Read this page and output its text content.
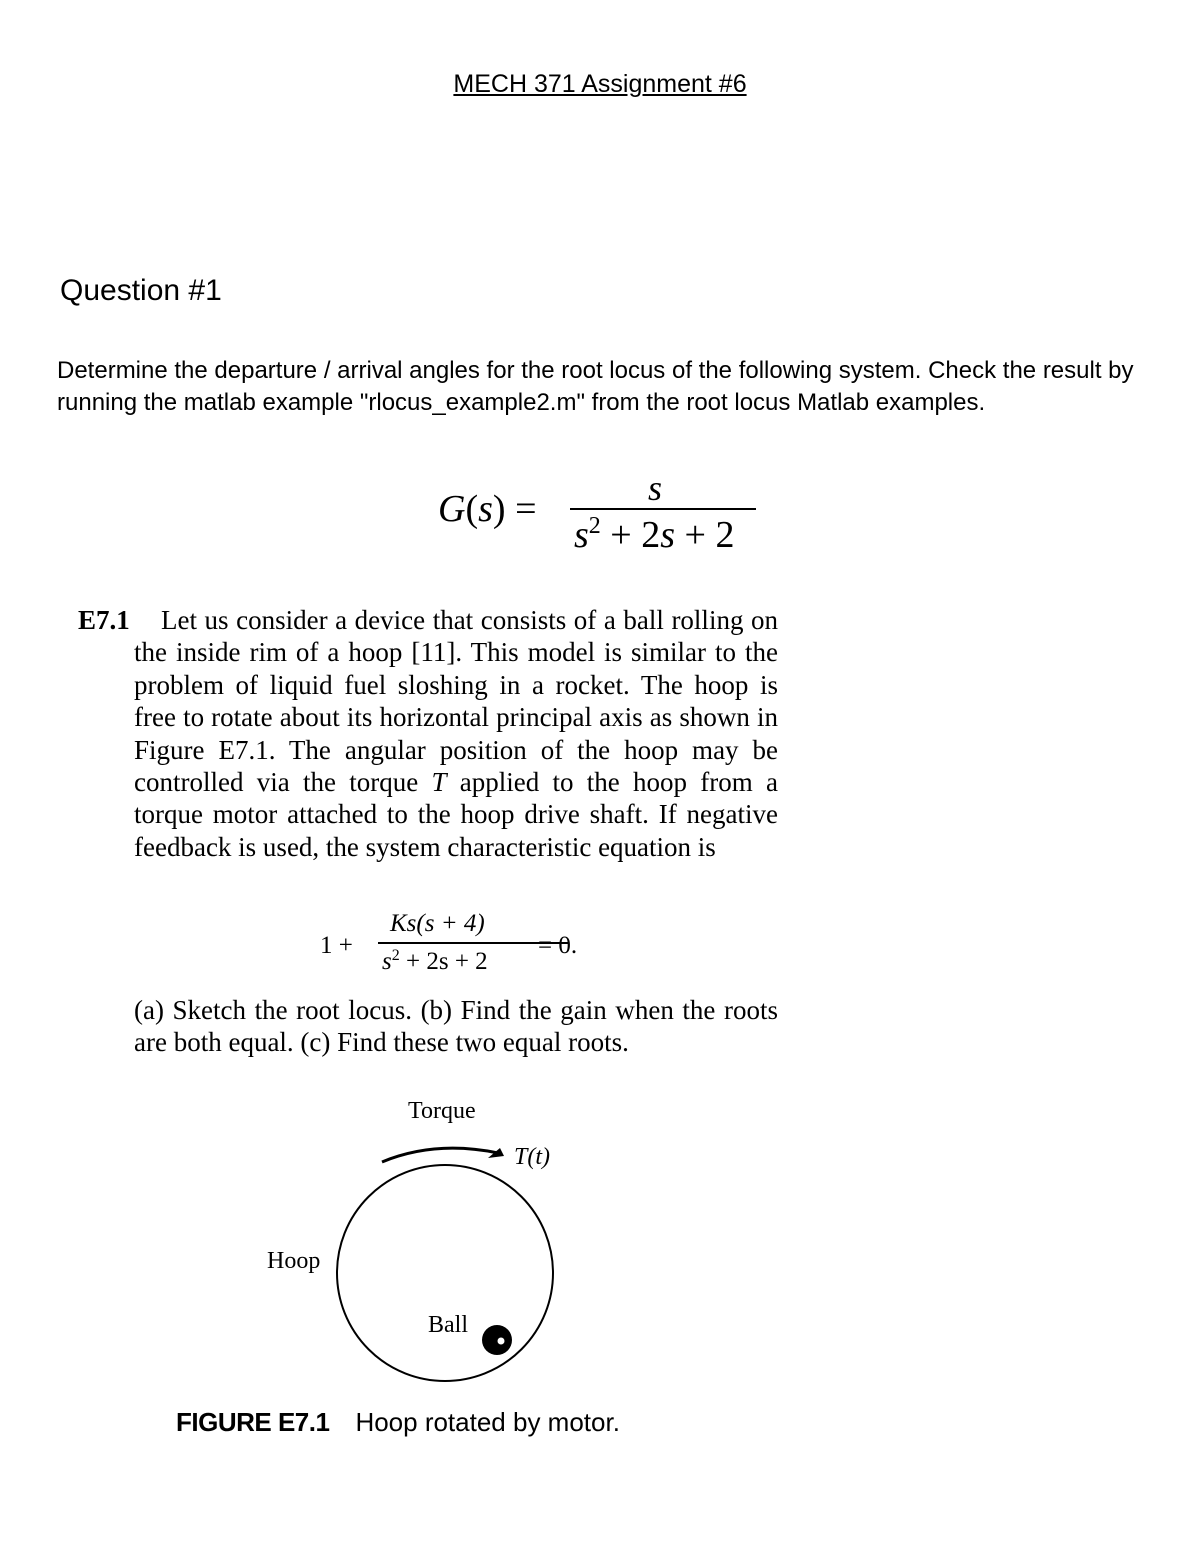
MECH 371 Assignment #6
Question #1
Determine the departure / arrival angles for the root locus of the following system. Check the result by running the matlab example "rlocus_example2.m" from the root locus Matlab examples.
G(s) =	s
$s^2 + 2s + 2$
E7.1	Let us consider a device that consists of a ball rolling on the inside rim of a hoop [11]. This model is similar to the problem of liquid fuel sloshing in a rocket. The hoop is free to rotate about its horizontal principal axis as shown in Figure E7.1. The angular position of the hoop may be controlled via the torque T applied to the hoop from a torque motor attached to the hoop drive shaft. If negative feedback is used, the system characteristic equation is
1 +
Ks(s + 4)
$s^2 + 2s + 2$
= 0.
(a) Sketch the root locus. (b) Find the gain when the roots are both equal. (c) Find these two equal roots.
Torque
T(t)
Hoop
Ball
FIGURE E7.1 Hoop rotated by motor.
